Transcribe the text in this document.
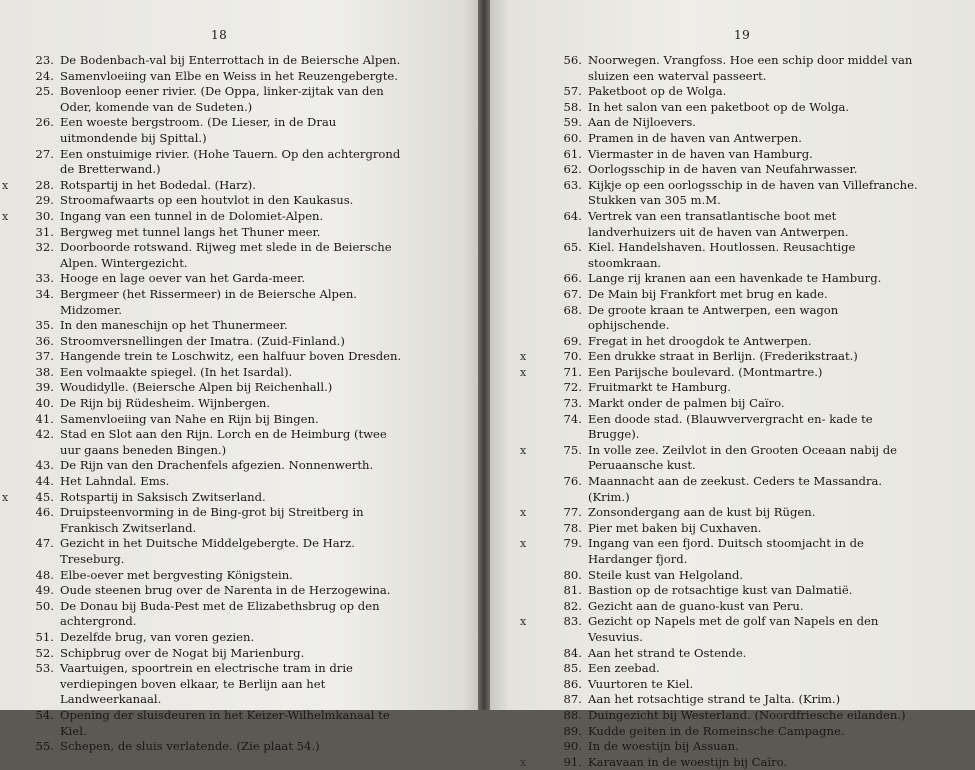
18
23. De Bodenbach-val bij Enterrottach in de Beiersche Alpen.
24. Samenvloeiing van Elbe en Weiss in het Reuzengebergte.
25. Bovenloop eener rivier. (De Oppa, linker-zijtak van den Oder, komende van de Sudeten.)
26. Een woeste bergstroom. (De Lieser, in de Drau uitmondende bij Spittal.)
27. Een onstuimige rivier. (Hohe Tauern. Op den achtergrond de Bretterwand.)
x	28. Rotspartij in het Bodedal. (Harz).
29. Stroomafwaarts op een houtvlot in den Kaukasus.
x	30. Ingang van een tunnel in de Dolomiet-Alpen.
31. Bergweg met tunnel langs het Thuner meer.
32. Doorboorde rotswand. Rijweg met slede in de Beiersche Alpen. Wintergezicht.
33. Hooge en lage oever van het Garda-meer.
34. Bergmeer (het Rissermeer) in de Beiersche Alpen. Midzomer.
35. In den maneschijn op het Thunermeer.
36. Stroomversnellingen der Imatra. (Zuid-Finland.)
37. Hangende trein te Loschwitz, een halfuur boven Dresden.
38. Een volmaakte spiegel. (In het Isardal).
39. Woudidylle. (Beiersche Alpen bij Reichenhall.)
40. De Rijn bij Rüdesheim. Wijnbergen.
41. Samenvloeiing van Nahe en Rijn bij Bingen.
42. Stad en Slot aan den Rijn. Lorch en de Heimburg (twee uur gaans beneden Bingen.)
43. De Rijn van den Drachenfels afgezien. Nonnenwerth.
44. Het Lahndal. Ems.
x	45. Rotspartij in Saksisch Zwitserland.
46. Druipsteenvorming in de Bing-grot bij Streitberg in Frankisch Zwitserland.
47. Gezicht in het Duitsche Middelgebergte. De Harz. Treseburg.
48. Elbe-oever met bergvesting Königstein.
49. Oude steenen brug over de Narenta in de Herzogewina.
50. De Donau bij Buda-Pest met de Elizabethsbrug op den achtergrond.
51. Dezelfde brug, van voren gezien.
52. Schipbrug over de Nogat bij Marienburg.
53. Vaartuigen, spoortrein en electrische tram in drie verdiepingen boven elkaar, te Berlijn aan het Landweerkanaal.
54. Opening der sluisdeuren in het Keizer-Wilhelmkanaal te Kiel.
55. Schepen, de sluis verlatende. (Zie plaat 54.)
19
56. Noorwegen. Vrangfoss. Hoe een schip door middel van sluizen een waterval passeert.
57. Paketboot op de Wolga.
58. In het salon van een paketboot op de Wolga.
59. Aan de Nijloevers.
60. Pramen in de haven van Antwerpen.
61. Viermaster in de haven van Hamburg.
62. Oorlogsschip in de haven van Neufahrwasser.
63. Kijkje op een oorlogsschip in de haven van Villefranche. Stukken van 305 m.M.
64. Vertrek van een transatlantische boot met landverhuizers uit de haven van Antwerpen.
65. Kiel. Handelshaven. Houtlossen. Reusachtige stoomkraan.
66. Lange rij kranen aan een havenkade te Hamburg.
67. De Main bij Frankfort met brug en kade.
68. De groote kraan te Antwerpen, een wagon ophijschende.
69. Fregat in het droogdok te Antwerpen.
x	70. Een drukke straat in Berlijn. (Frederikstraat.)
x	71. Een Parijsche boulevard. (Montmartre.)
72. Fruitmarkt te Hamburg.
73. Markt onder de palmen bij Caïro.
74. Een doode stad. (Blauwververgracht en- kade te Brugge).
x	75. In volle zee. Zeilvlot in den Grooten Oceaan nabij de Peruaansche kust.
76. Maannacht aan de zeekust. Ceders te Massandra. (Krim.)
x	77. Zonsondergang aan de kust bij Rügen.
78. Pier met baken bij Cuxhaven.
x	79. Ingang van een fjord. Duitsch stoomjacht in de Hardanger fjord.
80. Steile kust van Helgoland.
81. Bastion op de rotsachtige kust van Dalmatië.
82. Gezicht aan de guano-kust van Peru.
x	83. Gezicht op Napels met de golf van Napels en den Vesuvius.
84. Aan het strand te Ostende.
85. Een zeebad.
86. Vuurtoren te Kiel.
87. Aan het rotsachtige strand te Jalta. (Krim.)
88. Duingezicht bij Westerland. (Noordfriesche eilanden.)
89. Kudde geiten in de Romeinsche Campagne.
90. In de woestijn bij Assuan.
x	91. Karavaan in de woestijn bij Caïro.
